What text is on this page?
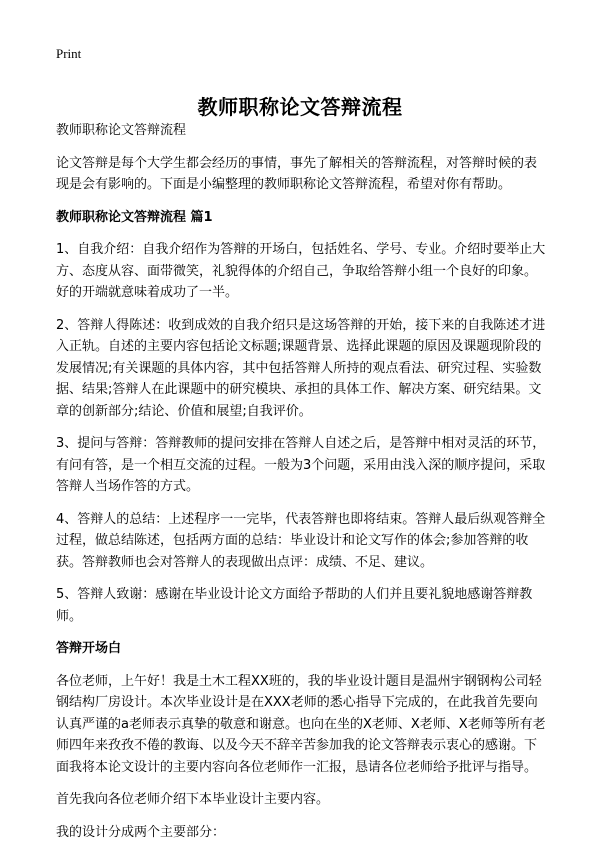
Print
教师职称论文答辩流程

教师职称论文答辩流程

论文答辩是每个大学生都会经历的事情，事先了解相关的答辩流程，对答辩时候的表现是会有影响的。下面是小编整理的教师职称论文答辩流程，希望对你有帮助。

教师职称论文答辩流程 篇1

1、自我介绍：自我介绍作为答辩的开场白，包括姓名、学号、专业。介绍时要举止大方、态度从容、面带微笑，礼貌得体的介绍自己，争取给答辩小组一个良好的印象。好的开端就意味着成功了一半。

2、答辩人得陈述：收到成效的自我介绍只是这场答辩的开始，接下来的自我陈述才进入正轨。自述的主要内容包括论文标题;课题背景、选择此课题的原因及课题现阶段的发展情况;有关课题的具体内容，其中包括答辩人所持的观点看法、研究过程、实验数据、结果;答辩人在此课题中的研究模块、承担的具体工作、解决方案、研究结果。文章的创新部分;结论、价值和展望;自我评价。

3、提问与答辩：答辩教师的提问安排在答辩人自述之后，是答辩中相对灵活的环节，有问有答，是一个相互交流的过程。一般为3个问题，采用由浅入深的顺序提问，采取答辩人当场作答的方式。

4、答辩人的总结：上述程序一一完毕，代表答辩也即将结束。答辩人最后纵观答辩全过程，做总结陈述，包括两方面的总结：毕业设计和论文写作的体会;参加答辩的收获。答辩教师也会对答辩人的表现做出点评：成绩、不足、建议。

5、答辩人致谢：感谢在毕业设计论文方面给予帮助的人们并且要礼貌地感谢答辩教师。

答辩开场白

各位老师，上午好！我是土木工程XX班的，我的毕业设计题目是温州宇钢钢构公司轻钢结构厂房设计。本次毕业设计是在XXX老师的悉心指导下完成的，在此我首先要向认真严谨的a老师表示真挚的敬意和谢意。也向在坐的X老师、X老师、X老师等所有老师四年来孜孜不倦的教诲、以及今天不辞辛苦参加我的论文答辩表示衷心的感谢。下面我将本论文设计的主要内容向各位老师作一汇报，恳请各位老师给予批评与指导。

首先我向各位老师介绍下本毕业设计主要内容。

我的设计分成两个主要部分：
